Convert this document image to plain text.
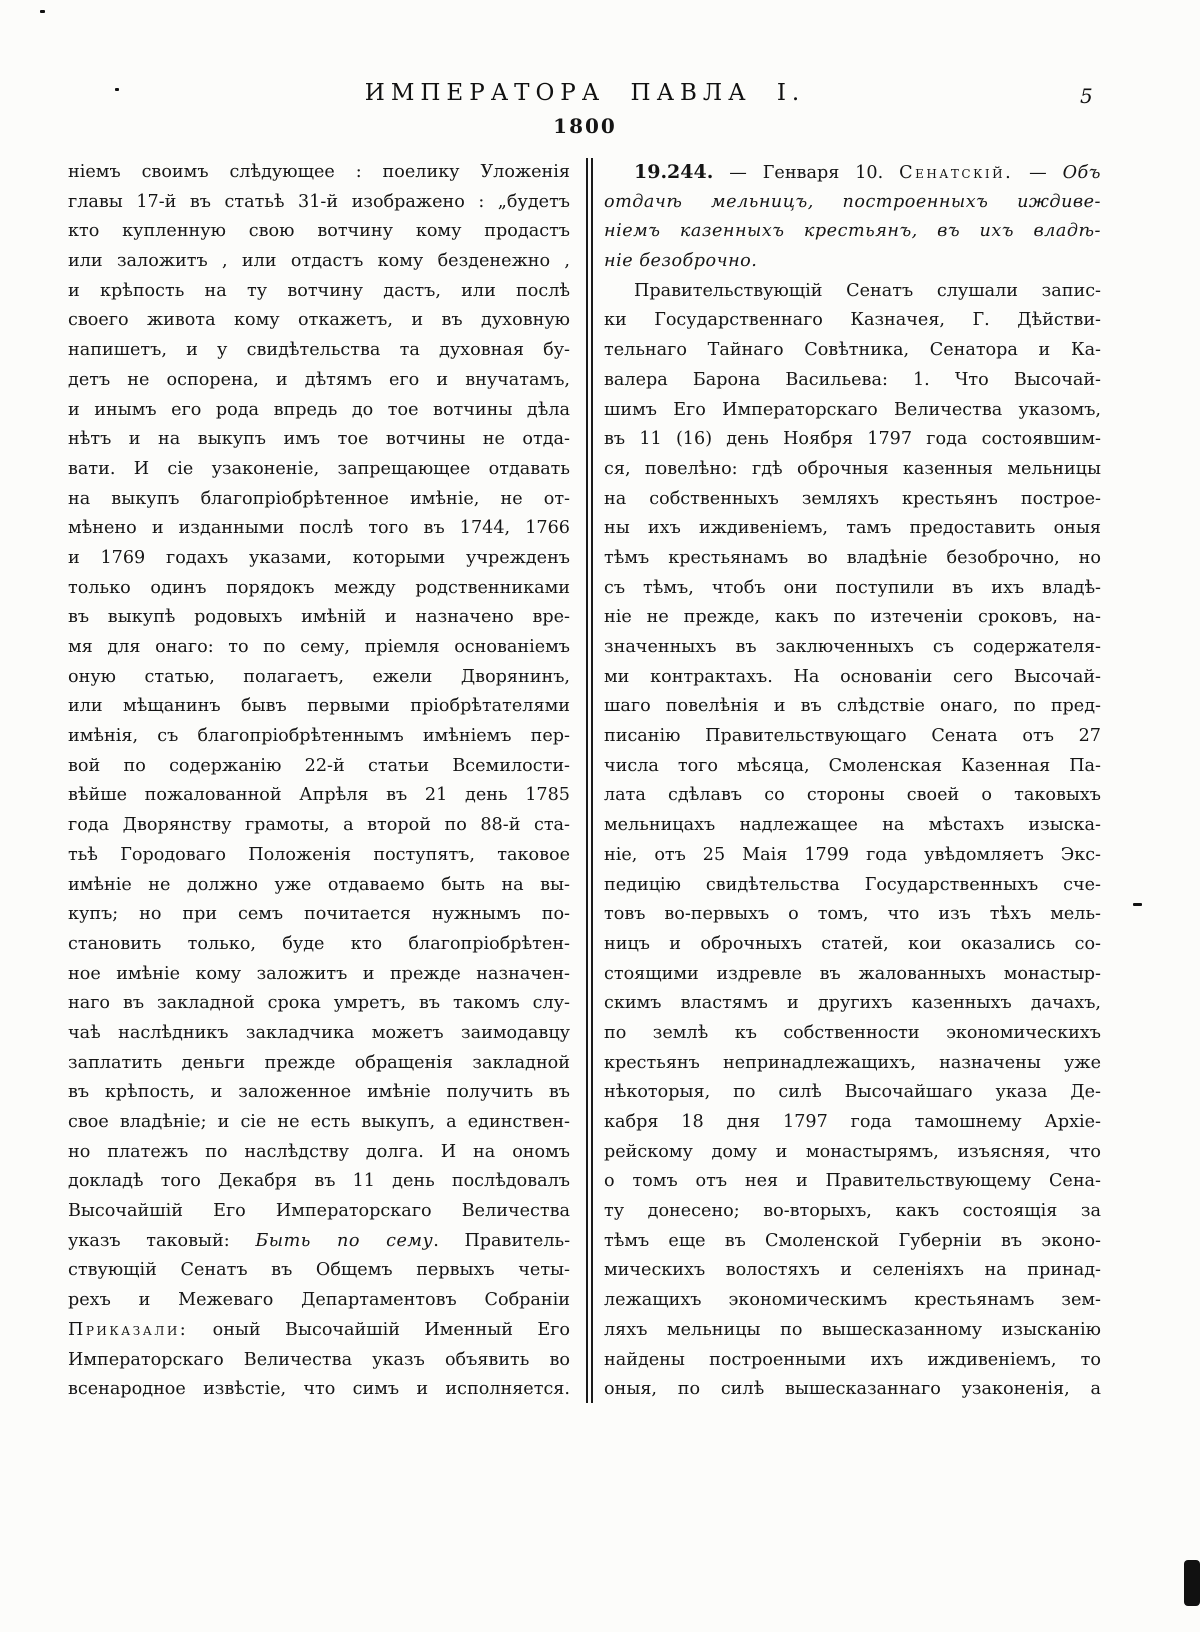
ИМПЕРАТОРА ПАВЛА I.	5
1800
ніемъ своимъ слѣдующее : поелику Уложенія
главы 17-й въ статьѣ 31-й изображено : „будетъ
кто купленную свою вотчину кому продастъ
или заложитъ , или отдастъ кому безденежно ,
и крѣпость на ту вотчину дастъ, или послѣ
своего живота кому откажетъ, и въ духовную
напишетъ, и у свидѣтельства та духовная бу-
детъ не оспорена, и дѣтямъ его и внучатамъ,
и инымъ его рода впредь до тое вотчины дѣла
нѣтъ и на выкупъ имъ тое вотчины не отда-
вати. И сіе узаконеніе, запрещающее отдавать
на выкупъ благопріобрѣтенное имѣніе, не от-
мѣнено и изданными послѣ того въ 1744, 1766
и 1769 годахъ указами, которыми учрежденъ
только одинъ порядокъ между родственниками
въ выкупѣ родовыхъ имѣній и назначено вре-
мя для онаго: то по сему, пріемля основаніемъ
оную статью, полагаетъ, ежели Дворянинъ,
или мѣщанинъ бывъ первыми пріобрѣтателями
имѣнія, съ благопріобрѣтеннымъ имѣніемъ пер-
вой по содержанію 22-й статьи Всемилости-
вѣйше пожалованной Апрѣля въ 21 день 1785
года Дворянству грамоты, а второй по 88-й ста-
тьѣ Городоваго Положенія поступятъ, таковое
имѣніе не должно уже отдаваемо быть на вы-
купъ; но при семъ почитается нужнымъ по-
становить только, буде кто благопріобрѣтен-
ное имѣніе кому заложитъ и прежде назначен-
наго въ закладной срока умретъ, въ такомъ слу-
чаѣ наслѣдникъ закладчика можетъ заимодавцу
заплатить деньги прежде обращенія закладной
въ крѣпость, и заложенное имѣніе получить въ
свое владѣніе; и сіе не есть выкупъ, а единствен-
но платежъ по наслѣдству долга. И на ономъ
докладѣ того Декабря въ 11 день послѣдовалъ
Высочайшій Его Императорскаго Величества
указъ таковый: Быть по сему. Правитель-
ствующій Сенатъ въ Общемъ первыхъ четы-
рехъ и Межеваго Департаментовъ Собраніи
Приказали: оный Высочайшій Именный Его
Императорскаго Величества указъ объявить во
всенародное извѣстіе, что симъ и исполняется.
19.244. — Генваря 10. Сенатскій. — Объ
отдачѣ мельницъ, построенныхъ иждиве-
ніемъ казенныхъ крестьянъ, въ ихъ владѣ-
ніе безоброчно.
Правительствующій Сенатъ слушали запис-
ки Государственнаго Казначея, Г. Дѣйстви-
тельнаго Тайнаго Совѣтника, Сенатора и Ка-
валера Барона Васильева: 1. Что Высочай-
шимъ Его Императорскаго Величества указомъ,
въ 11 (16) день Ноября 1797 года состоявшим-
ся, повелѣно: гдѣ оброчныя казенныя мельницы
на собственныхъ земляхъ крестьянъ построе-
ны ихъ иждивеніемъ, тамъ предоставить оныя
тѣмъ крестьянамъ во владѣніе безоброчно, но
съ тѣмъ, чтобъ они поступили въ ихъ владѣ-
ніе не прежде, какъ по изтеченіи сроковъ, на-
значенныхъ въ заключенныхъ съ содержателя-
ми контрактахъ. На основаніи сего Высочай-
шаго повелѣнія и въ слѣдствіе онаго, по пред-
писанію Правительствующаго Сената отъ 27
числа того мѣсяца, Смоленская Казенная Па-
лата сдѣлавъ со стороны своей о таковыхъ
мельницахъ надлежащее на мѣстахъ изыска-
ніе, отъ 25 Маія 1799 года увѣдомляетъ Экс-
педицію свидѣтельства Государственныхъ сче-
товъ во-первыхъ о томъ, что изъ тѣхъ мель-
ницъ и оброчныхъ статей, кои оказались со-
стоящими издревле въ жалованныхъ монастыр-
скимъ властямъ и другихъ казенныхъ дачахъ,
по землѣ къ собственности экономическихъ
крестьянъ непринадлежащихъ, назначены уже
нѣкоторыя, по силѣ Высочайшаго указа Де-
кабря 18 дня 1797 года тамошнему Архіе-
рейскому дому и монастырямъ, изъясняя, что
о томъ отъ нея и Правительствующему Сена-
ту донесено; во-вторыхъ, какъ состоящія за
тѣмъ еще въ Смоленской Губерніи въ эконо-
мическихъ волостяхъ и селеніяхъ на принад-
лежащихъ экономическимъ крестьянамъ зем-
ляхъ мельницы по вышесказанному изысканію
найдены построенными ихъ иждивеніемъ, то
оныя, по силѣ вышесказаннаго узаконенія, а
